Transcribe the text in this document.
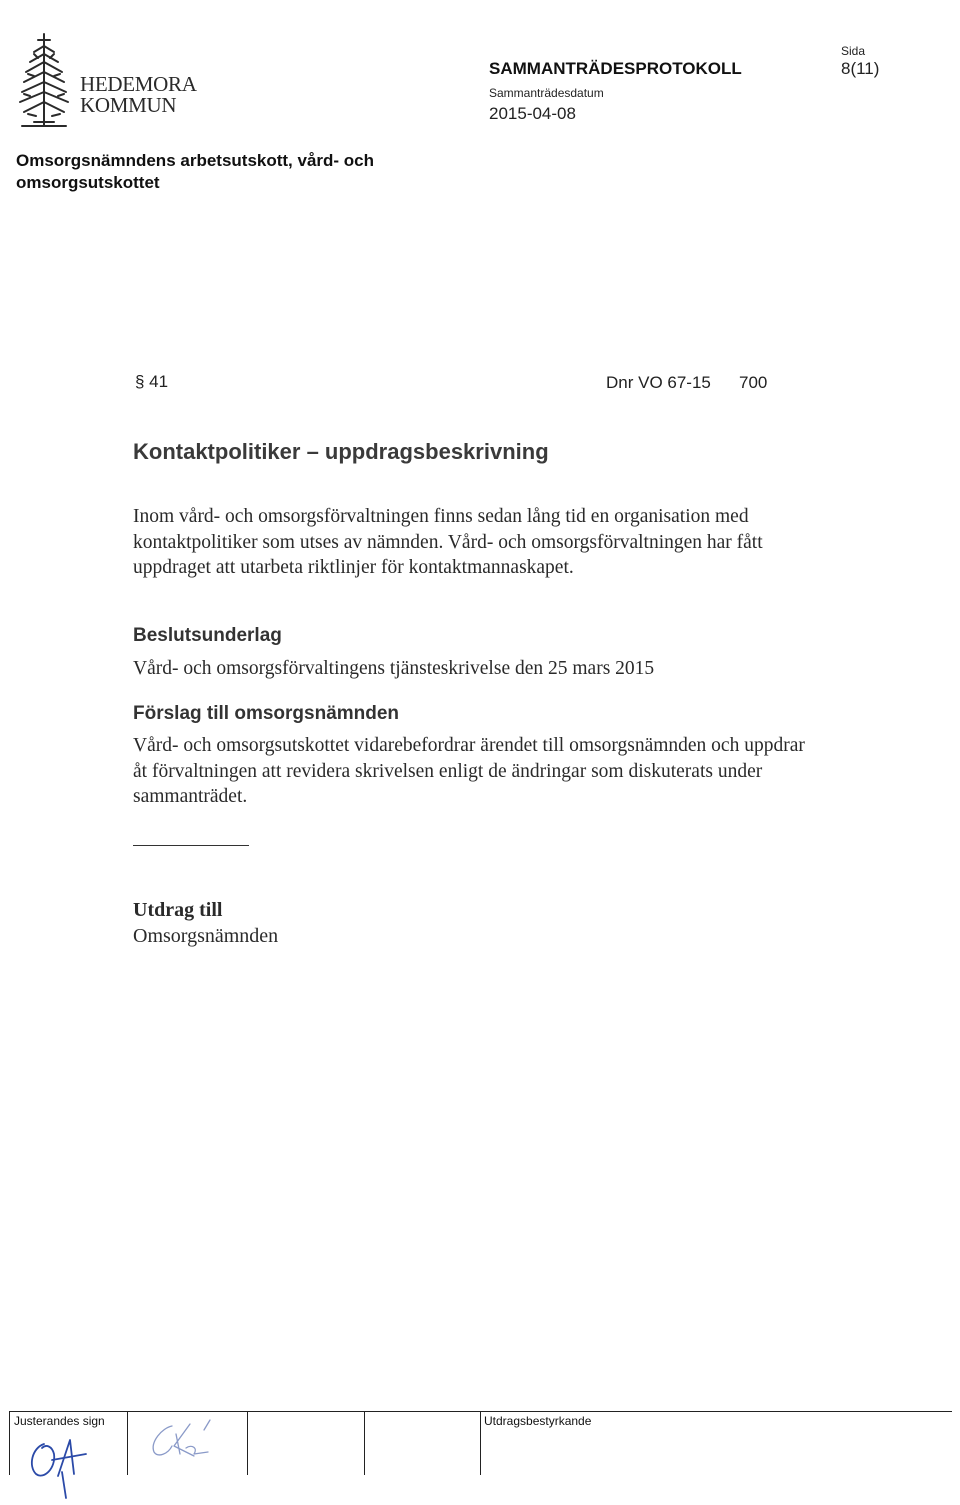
HEDEMORA
KOMMUN
SAMMANTRÄDESPROTOKOLL
Sammanträdesdatum
2015-04-08
Sida
8(11)
Omsorgsnämndens arbetsutskott, vård- och omsorgsutskottet
§ 41	Dnr VO 67-15 700
Kontaktpolitiker – uppdragsbeskrivning
Inom vård- och omsorgsförvaltningen finns sedan lång tid en organisation med kontaktpolitiker som utses av nämnden. Vård- och omsorgsförvaltningen har fått uppdraget att utarbeta riktlinjer för kontaktmannaskapet.
Beslutsunderlag
Vård- och omsorgsförvaltingens tjänsteskrivelse den 25 mars 2015
Förslag till omsorgsnämnden
Vård- och omsorgsutskottet vidarebefordrar ärendet till omsorgsnämnden och uppdrar åt förvaltningen att revidera skrivelsen enligt de ändringar som diskuterats under sammanträdet.
Utdrag till
Omsorgsnämnden
Justerandes sign	Utdragsbestyrkande
